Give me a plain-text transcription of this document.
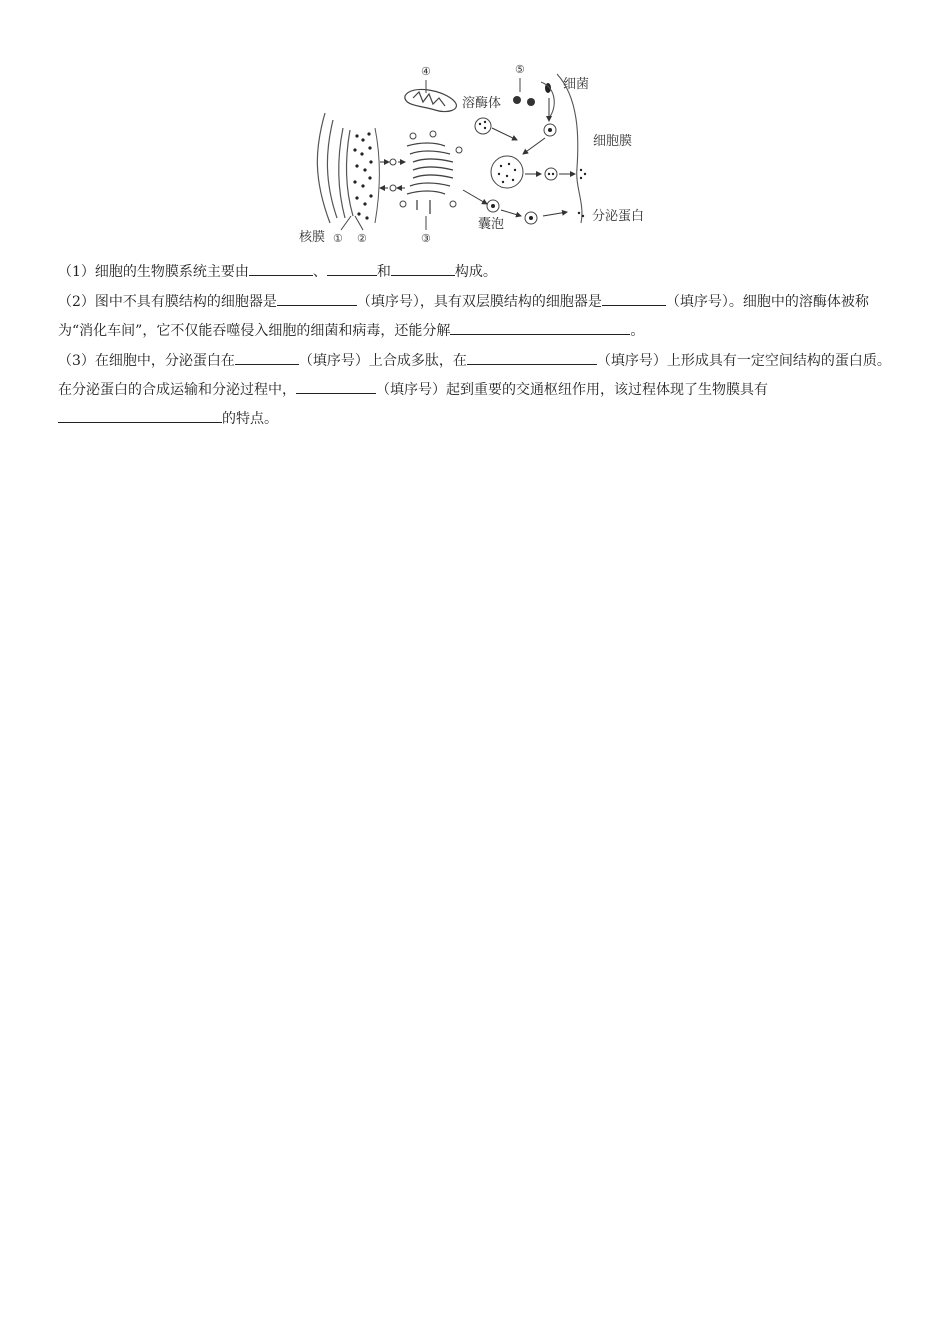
④	⑤
溶酶体
细菌
细胞膜
囊泡
分泌蛋白
核膜 ① ②	③

（1）细胞的生物膜系统主要由	、	和	构成。

（2）图中不具有膜结构的细胞器是	（填序号），具有双层膜结构的细胞器是	（填序号）。细胞中的溶酶体被称为“消化车间”，它不仅能吞噬侵入细胞的细菌和病毒，还能分解	。

（3）在细胞中，分泌蛋白在	（填序号）上合成多肽，在	（填序号）上形成具有一定空间结构的蛋白质。在分泌蛋白的合成运输和分泌过程中，	（填序号）起到重要的交通枢纽作用，该过程体现了生物膜具有的特点。
